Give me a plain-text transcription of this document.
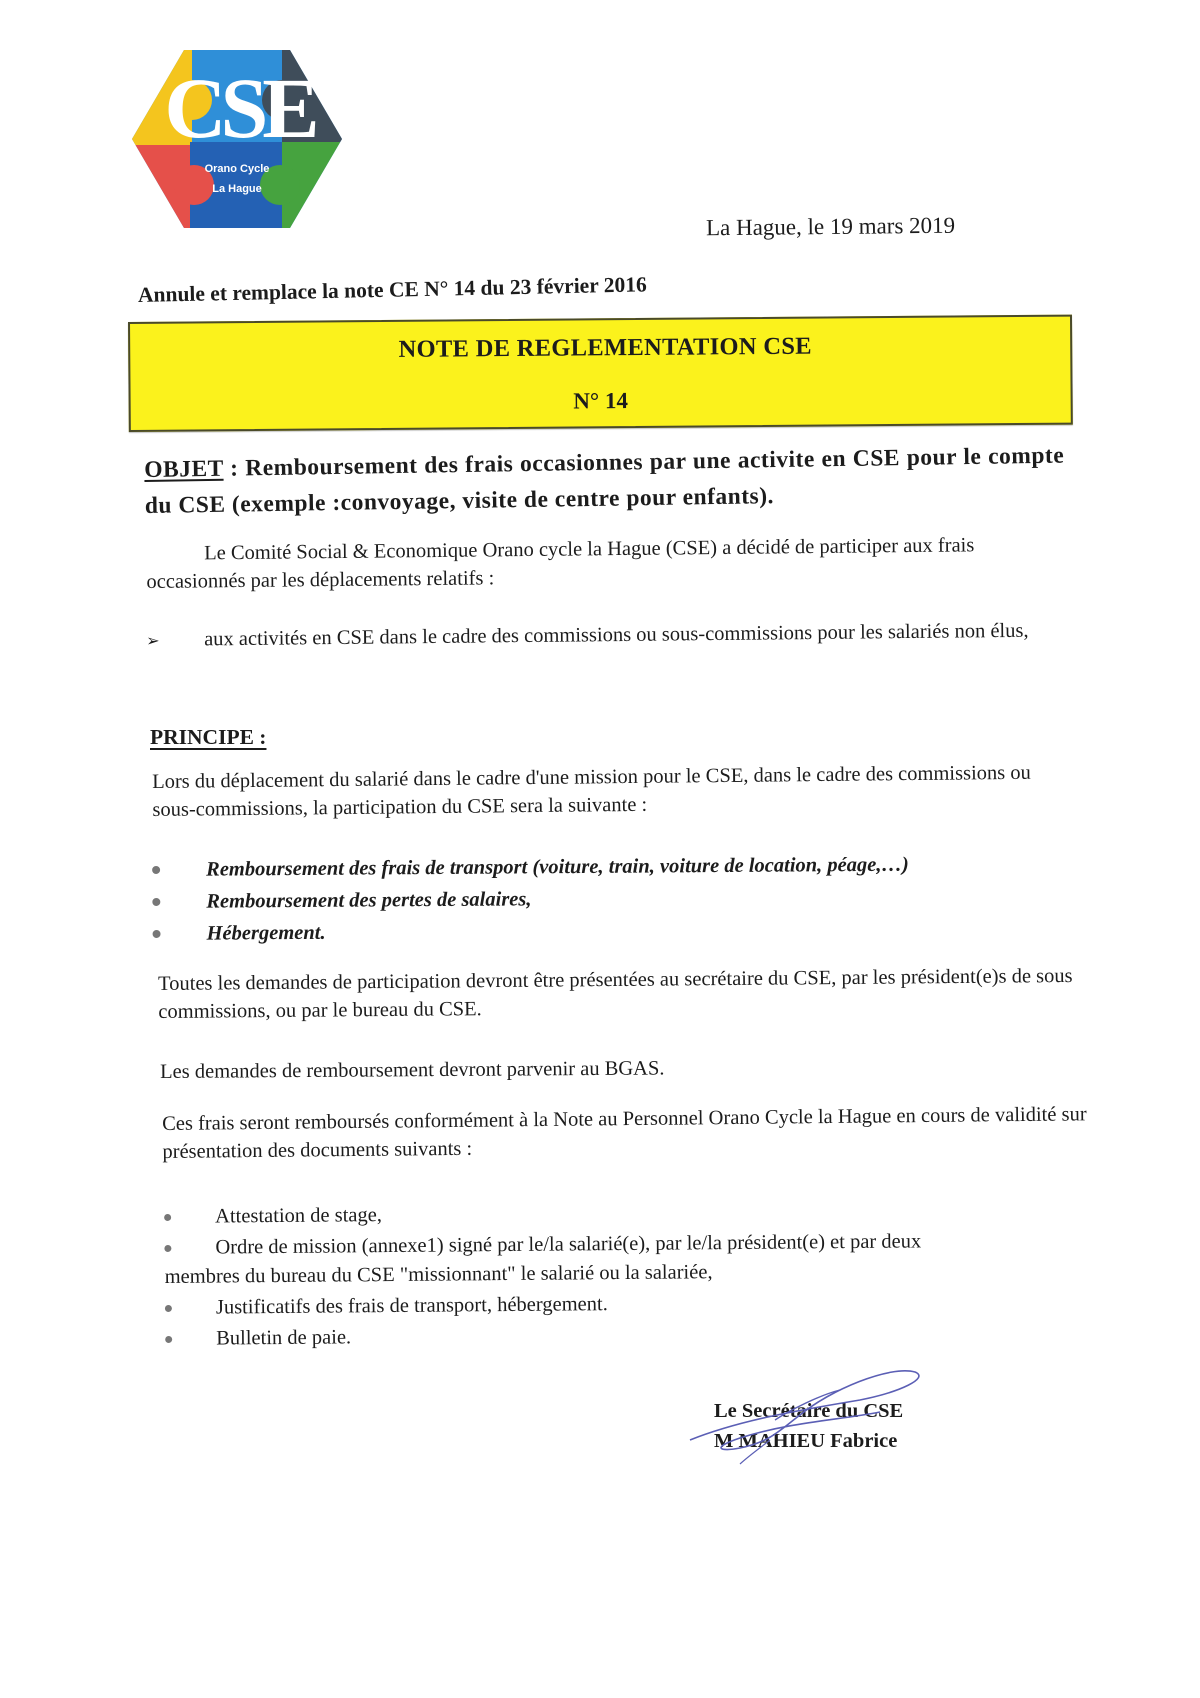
CSE
Orano Cycle
La Hague
La Hague, le 19 mars 2019
Annule et remplace la note CE N° 14 du 23 février 2016
NOTE DE REGLEMENTATION CSE
N° 14
OBJET : Remboursement des frais occasionnes par une activite en CSE pour le compte du CSE (exemple :convoyage, visite de centre pour enfants).
Le Comité Social & Economique Orano cycle la Hague (CSE) a décidé de participer aux frais occasionnés par les déplacements relatifs :
➢ aux activités en CSE dans le cadre des commissions ou sous-commissions pour les salariés non élus,
PRINCIPE :
Lors du déplacement du salarié dans le cadre d'une mission pour le CSE, dans le cadre des commissions ou sous-commissions, la participation du CSE sera la suivante :
Remboursement des frais de transport (voiture, train, voiture de location, péage,…)
Remboursement des pertes de salaires,
Hébergement.
Toutes les demandes de participation devront être présentées au secrétaire du CSE, par les président(e)s de sous commissions, ou par le bureau du CSE.
Les demandes de remboursement devront parvenir au BGAS.
Ces frais seront remboursés conformément à la Note au Personnel Orano Cycle la Hague en cours de validité sur présentation des documents suivants :
Attestation de stage,
Ordre de mission (annexe1) signé par le/la salarié(e), par le/la président(e) et par deux
membres du bureau du CSE "missionnant" le salarié ou la salariée,
Justificatifs des frais de transport, hébergement.
Bulletin de paie.
Le Secrétaire du CSE
M MAHIEU Fabrice
